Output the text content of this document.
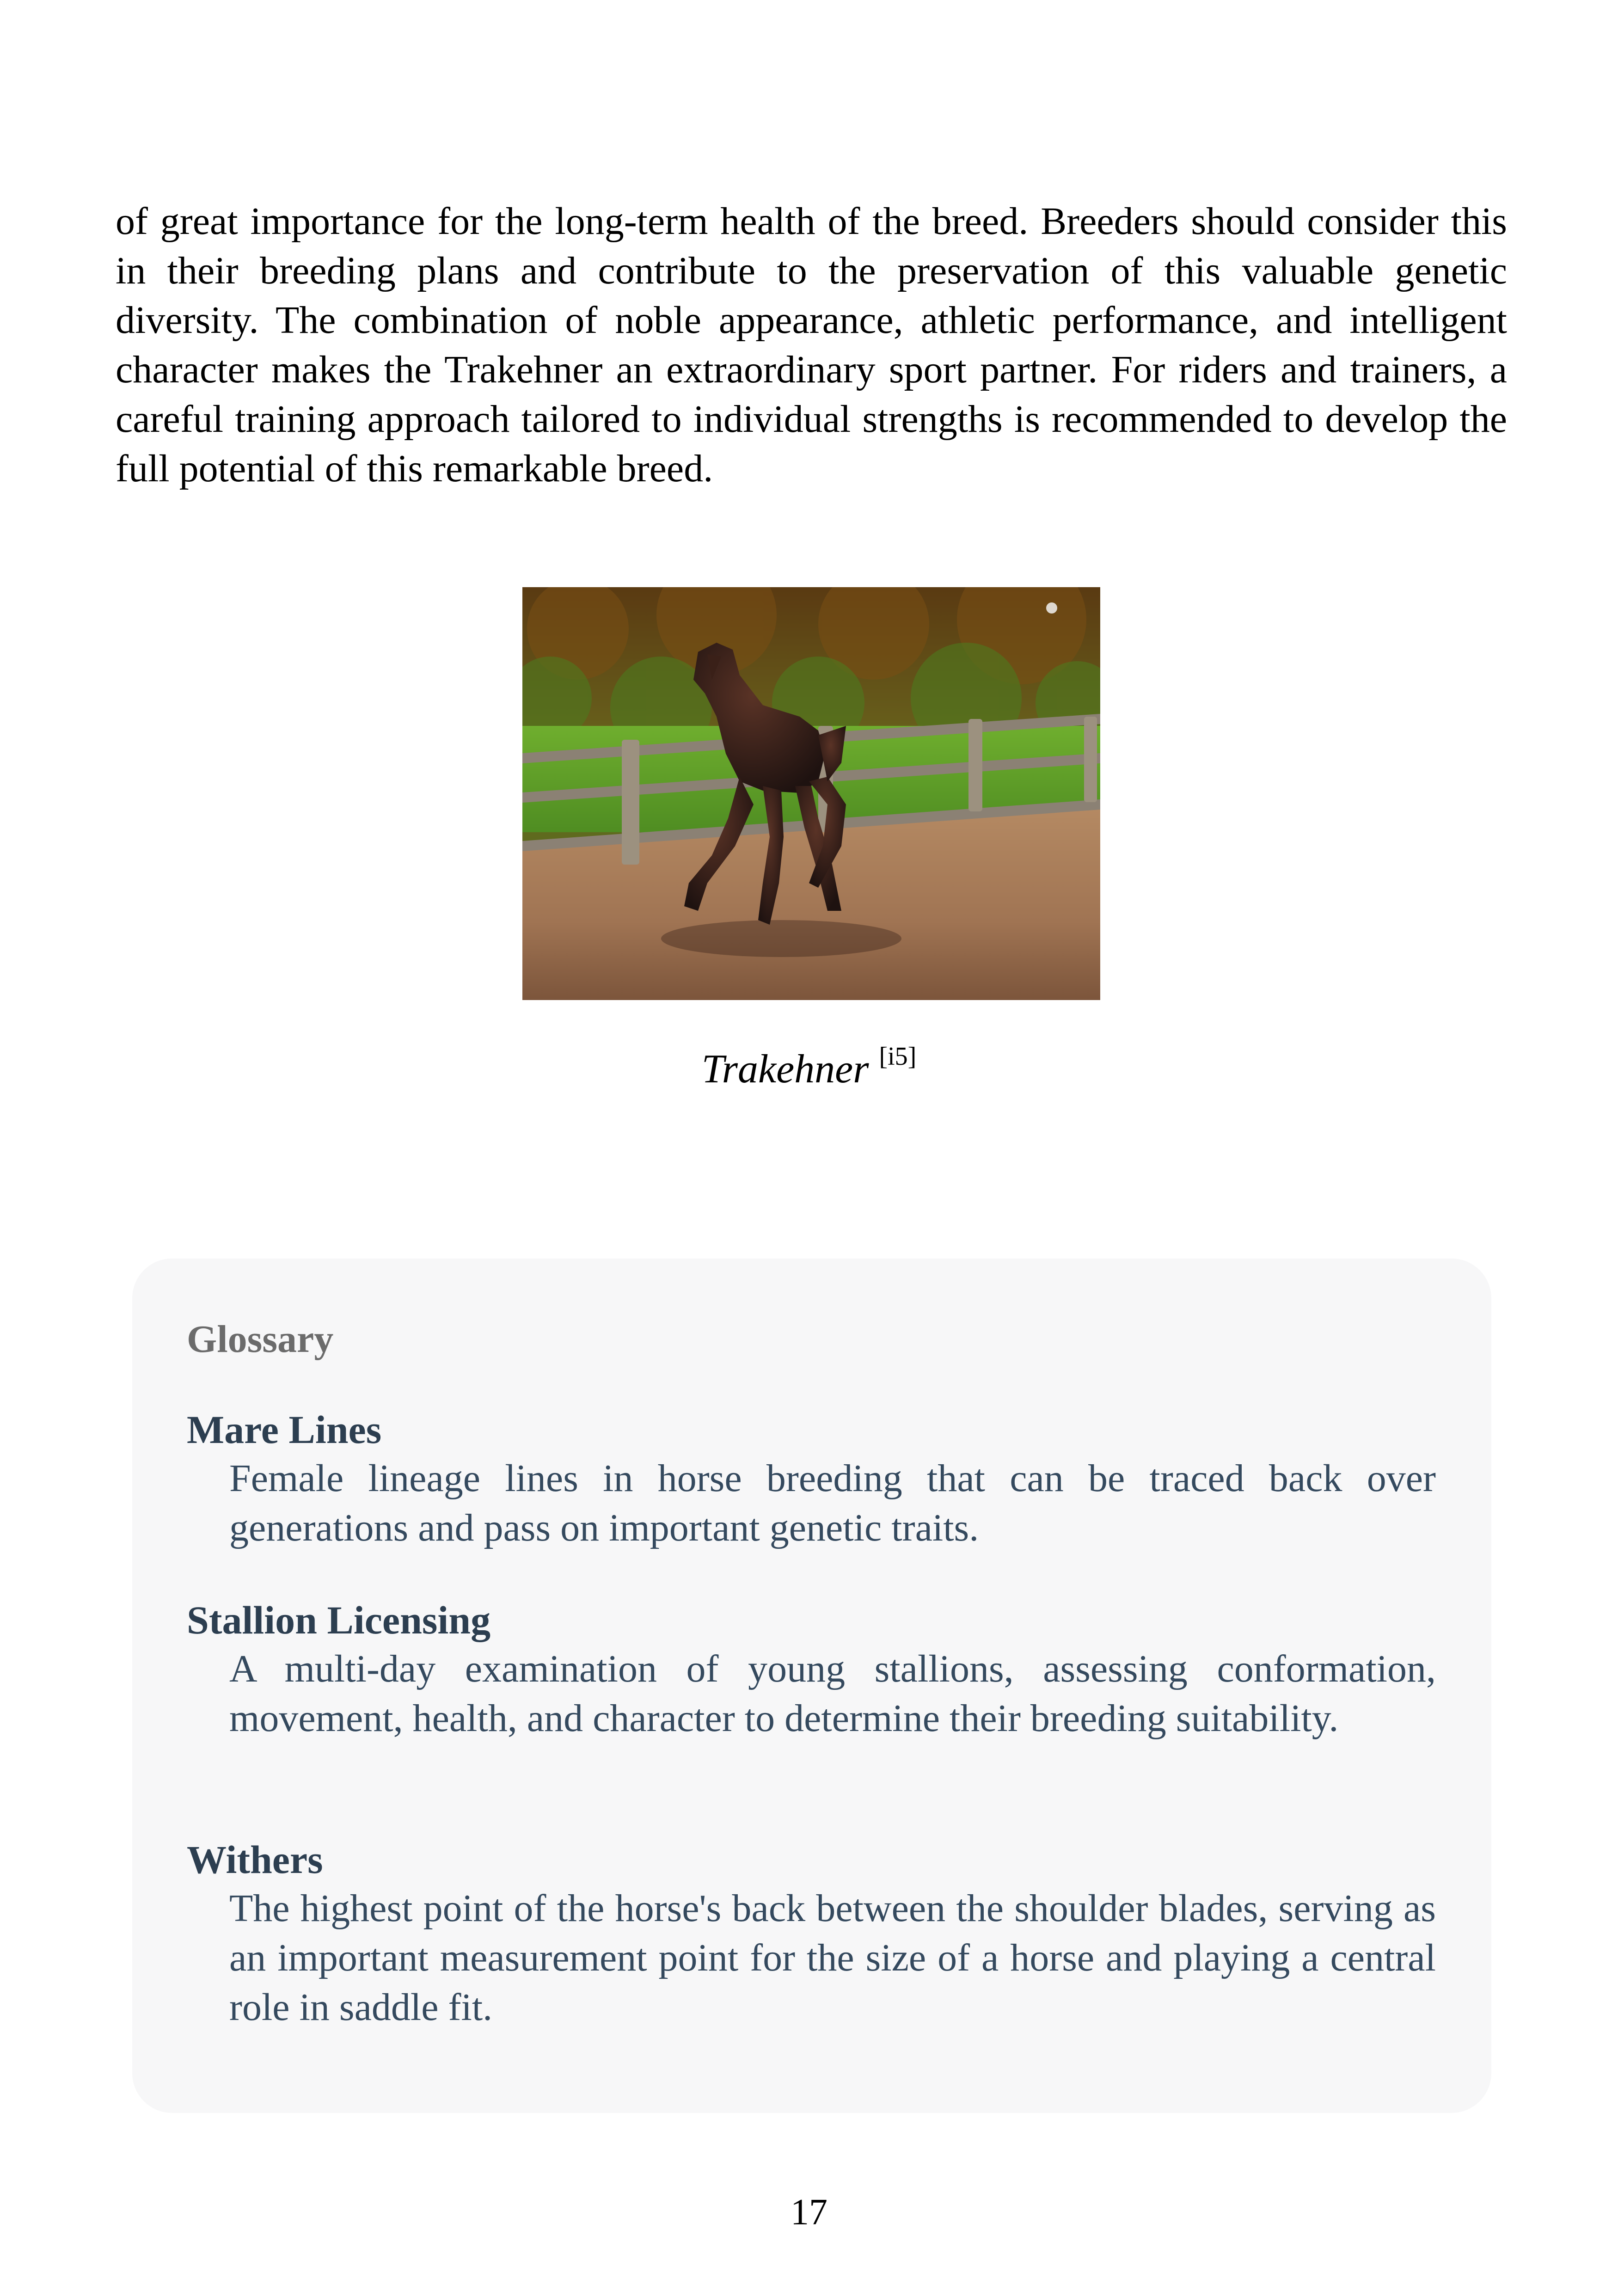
of great importance for the long-term health of the breed. Breeders should consider this in their breeding plans and contribute to the preservation of this valuable genetic diversity. The combination of noble appearance, athletic performance, and intelligent character makes the Trakehner an extraordinary sport partner. For riders and trainers, a careful training approach tailored to individual strengths is recommended to develop the full potential of this remarkable breed.

Trakehner [i5]

Glossary

Mare Lines

Female lineage lines in horse breeding that can be traced back over generations and pass on important genetic traits.

Stallion Licensing

A multi-day examination of young stallions, assessing conformation, movement, health, and character to determine their breeding suitability.

Withers

The highest point of the horse's back between the shoulder blades, serving as an important measurement point for the size of a horse and playing a central role in saddle fit.

17
